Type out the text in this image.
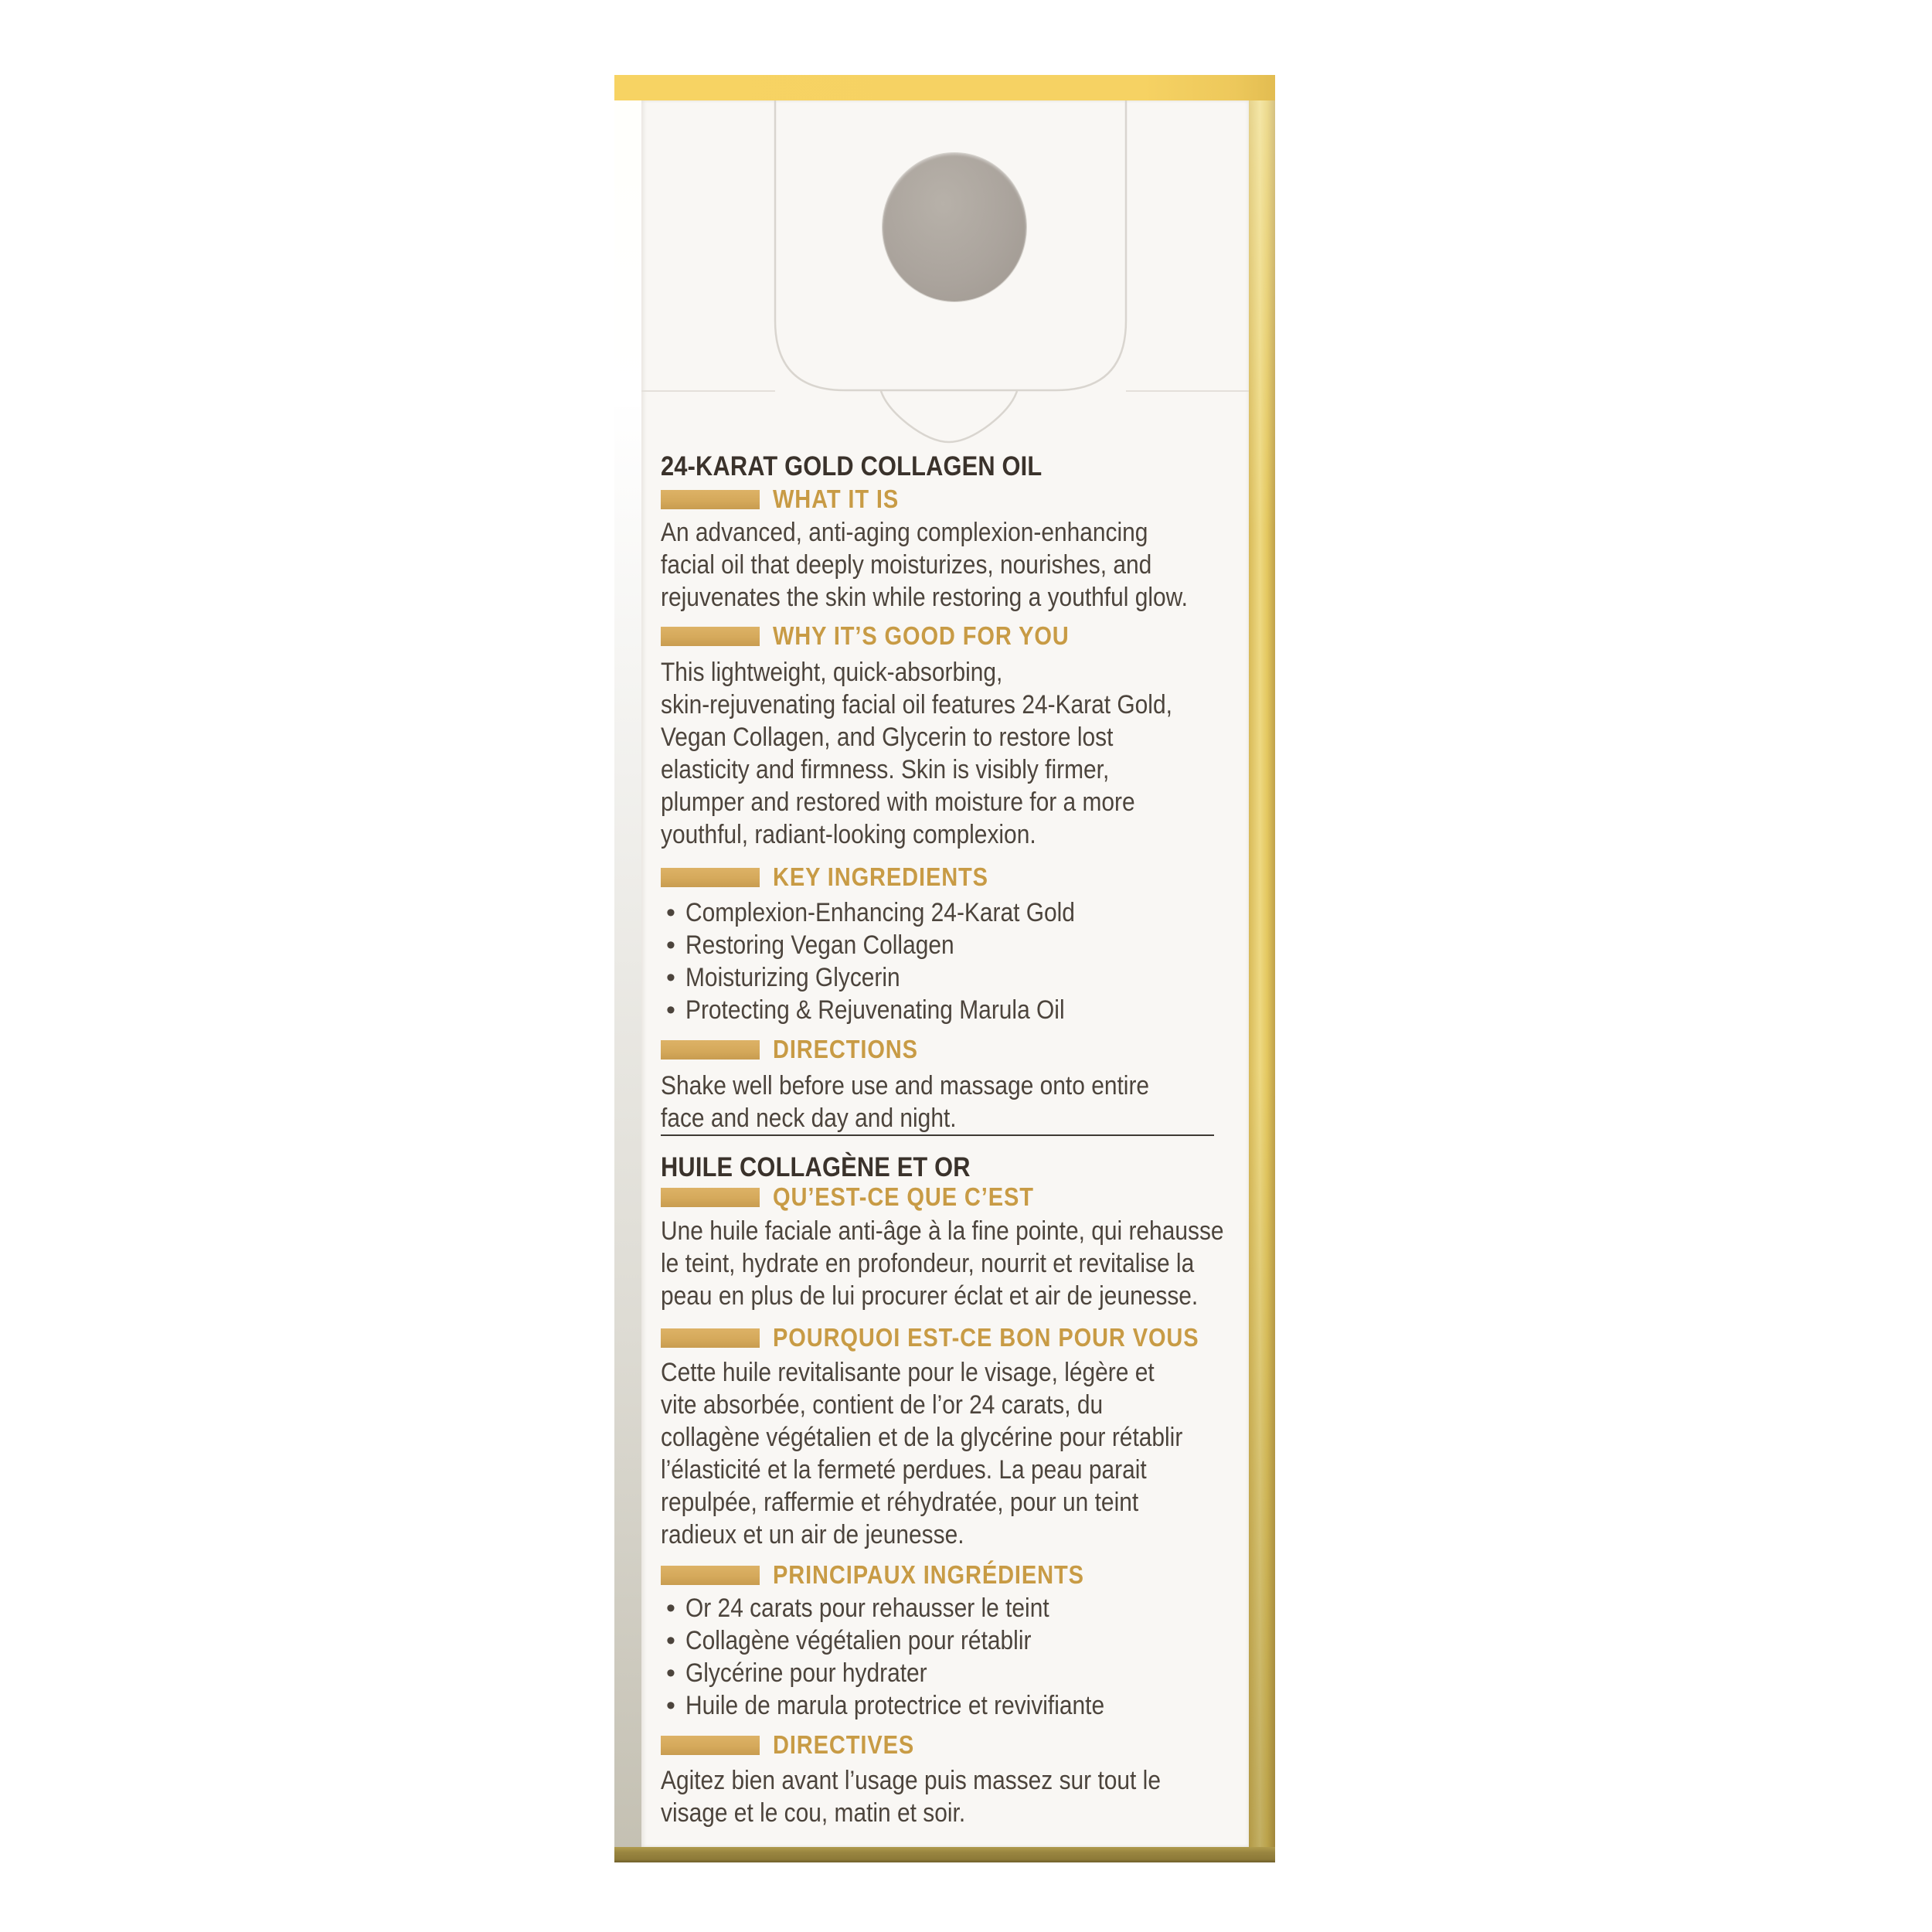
24-KARAT GOLD COLLAGEN OIL
WHAT IT IS
An advanced, anti-aging complexion-enhancing
facial oil that deeply moisturizes, nourishes, and
rejuvenates the skin while restoring a youthful glow.
WHY IT’S GOOD FOR YOU
This lightweight, quick-absorbing,
skin-rejuvenating facial oil features 24-Karat Gold,
Vegan Collagen, and Glycerin to restore lost
elasticity and firmness. Skin is visibly firmer,
plumper and restored with moisture for a more
youthful, radiant-looking complexion.
KEY INGREDIENTS
• Complexion-Enhancing 24-Karat Gold
• Restoring Vegan Collagen
• Moisturizing Glycerin
• Protecting & Rejuvenating Marula Oil
DIRECTIONS
Shake well before use and massage onto entire
face and neck day and night.
HUILE COLLAGÈNE ET OR
QU’EST-CE QUE C’EST
Une huile faciale anti-âge à la fine pointe, qui rehausse
le teint, hydrate en profondeur, nourrit et revitalise la
peau en plus de lui procurer éclat et air de jeunesse.
POURQUOI EST-CE BON POUR VOUS
Cette huile revitalisante pour le visage, légère et
vite absorbée, contient de l’or 24 carats, du
collagène végétalien et de la glycérine pour rétablir
l’élasticité et la fermeté perdues. La peau parait
repulpée, raffermie et réhydratée, pour un teint
radieux et un air de jeunesse.
PRINCIPAUX INGRÉDIENTS
• Or 24 carats pour rehausser le teint
• Collagène végétalien pour rétablir
• Glycérine pour hydrater
• Huile de marula protectrice et revivifiante
DIRECTIVES
Agitez bien avant l’usage puis massez sur tout le
visage et le cou, matin et soir.
